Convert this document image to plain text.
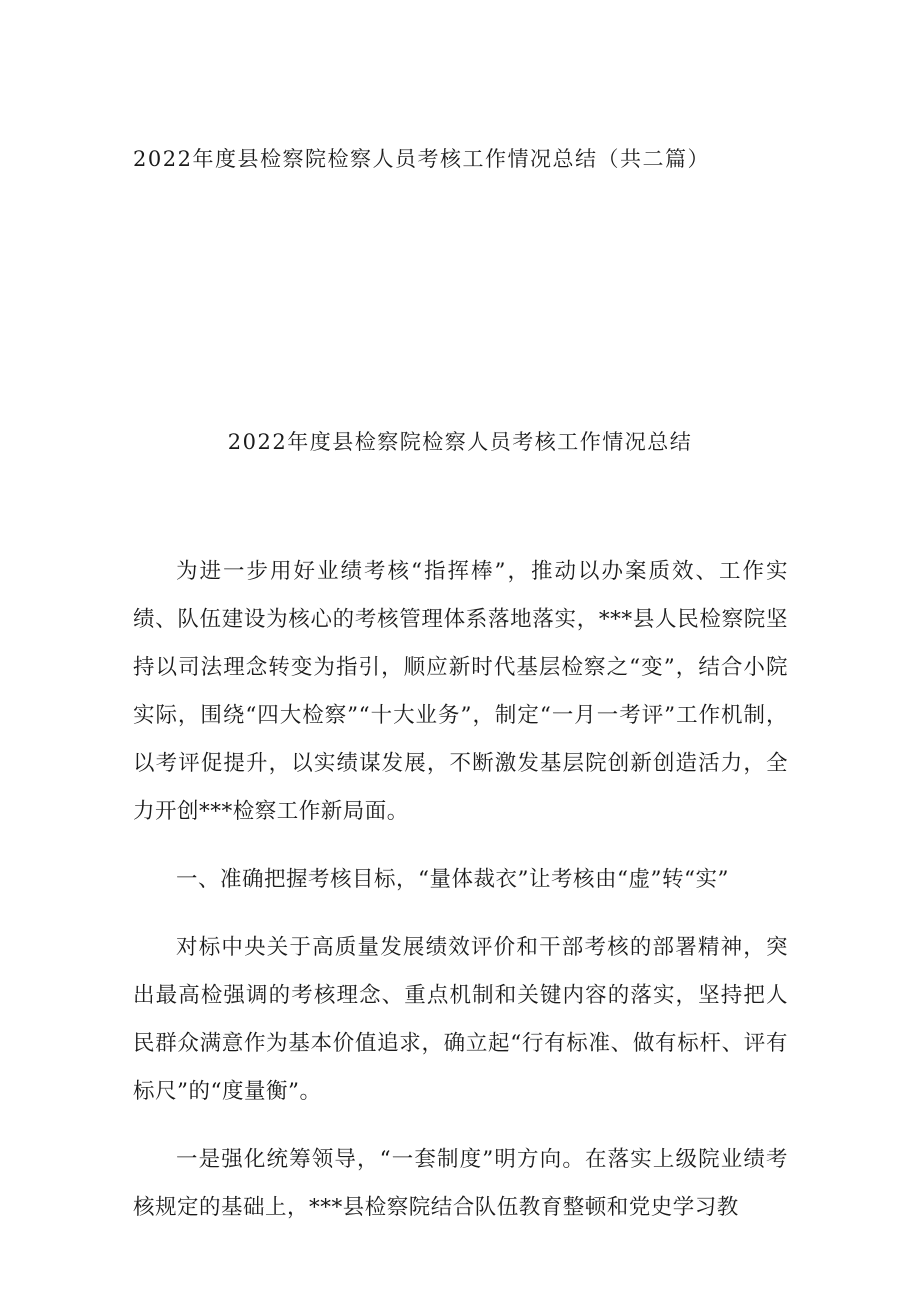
2022年度县检察院检察人员考核工作情况总结（共二篇）
2022年度县检察院检察人员考核工作情况总结

为进一步用好业绩考核“指挥棒”，推动以办案质效、工作实绩、队伍建设为核心的考核管理体系落地落实，***县人民检察院坚持以司法理念转变为指引，顺应新时代基层检察之“变”，结合小院实际，围绕“四大检察”“十大业务”，制定“一月一考评”工作机制，以考评促提升，以实绩谋发展，不断激发基层院创新创造活力，全力开创***检察工作新局面。

一、准确把握考核目标，“量体裁衣”让考核由“虚”转“实”

对标中央关于高质量发展绩效评价和干部考核的部署精神，突出最高检强调的考核理念、重点机制和关键内容的落实，坚持把人民群众满意作为基本价值追求，确立起“行有标准、做有标杆、评有标尺”的“度量衡”。

一是强化统筹领导，“一套制度”明方向。在落实上级院业绩考核规定的基础上，***县检察院结合队伍教育整顿和党史学习教
